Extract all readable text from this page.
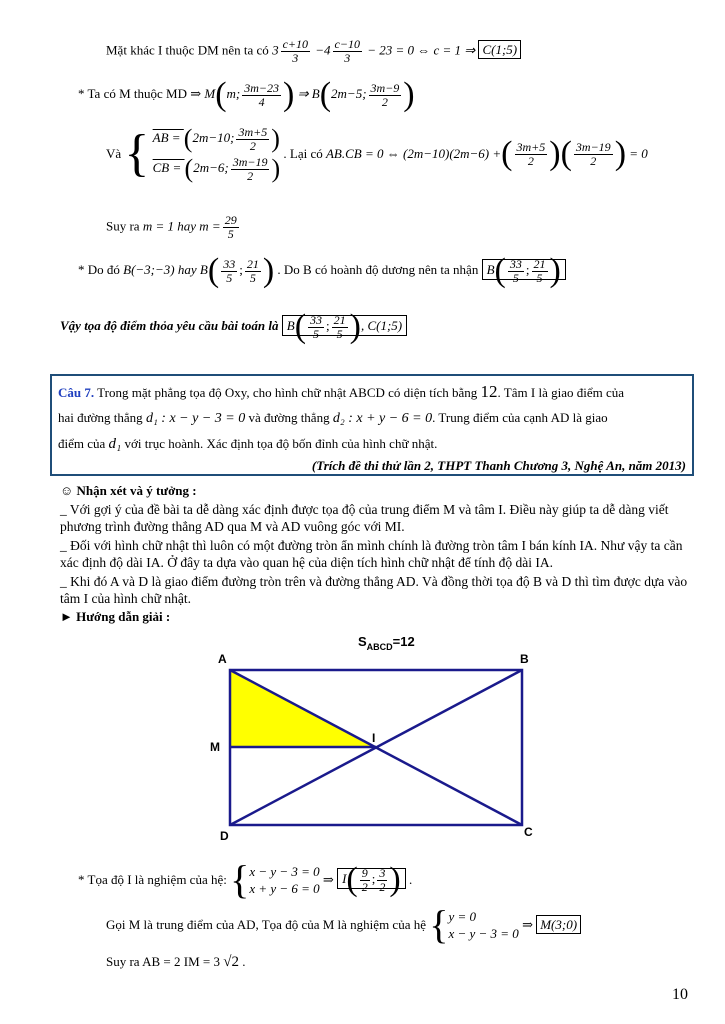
Mặt khác I thuộc DM nên ta có $3 \frac{c+10}{3} -4 \frac{c-10}{3} - 23 = 0$ ⇔ c = 1 ⇒ C(1;5)
* Ta có M thuộc MD ⇒ M(m; $\frac{3m-23}{4}$ ) ⇒ B(2m−5; $\frac{3m-9}{2}$ )
Và { AB = (2m−10; $\frac{3m+5}{2}$ )
CB = (2m−6; $\frac{3m-19}{2}$ )
. Lại có AB.CB = 0 ⇔ (2m−10)(2m−6) +( $\frac{3m+5}{2}$ )( $\frac{3m-19}{2}$ ) = 0
Suy ra m = 1 hay $m = \frac{29}{5}$
* Do đó B(−3;−3) hay $B( \frac{33}{5}$ ; $\frac{21}{5}$ ) . Do B có hoành độ dương nên ta nhận $B( \frac{33}{5}$ ; $\frac{21}{5}$ )
Vậy tọa độ điểm thỏa yêu cầu bài toán là $B( \frac{33}{5}$ ; $\frac{21}{5}$ ), C(1;5)
Câu 7. Trong mặt phẳng tọa độ Oxy, cho hình chữ nhật ABCD có diện tích bằng 12. Tâm I là giao điểm của
hai đường thẳng d₁ : x − y − 3 = 0 và đường thẳng d₂ : x + y − 6 = 0. Trung điểm của cạnh AD là giao
điểm của d₁ với trục hoành. Xác định tọa độ bốn đỉnh của hình chữ nhật.
(Trích đề thi thử lần 2, THPT Thanh Chương 3, Nghệ An, năm 2013)
☺ Nhận xét và ý tưởng :
_ Với gợi ý của đề bài ta dễ dàng xác định được tọa độ của trung điểm M và tâm I. Điều này giúp ta dễ dàng viết phương trình đường thẳng AD qua M và AD vuông góc với MI.
_ Đối với hình chữ nhật thì luôn có một đường tròn ẩn mình chính là đường tròn tâm I bán kính IA. Như vậy ta cần xác định độ dài IA. Ở đây ta dựa vào quan hệ của diện tích hình chữ nhật để tính độ dài IA.
_ Khi đó A và D là giao điểm đường tròn trên và đường thẳng AD. Và đồng thời tọa độ B và D thì tìm được dựa vào tâm I của hình chữ nhật.
► Hướng dẫn giải :
$S_{ABCD}=12$
A	B
C
D
M
I
* Tọa độ I là nghiệm của hệ: { x − y − 3 = 0
x + y − 6 = 0
⇒ $I( \frac{9}{2}$ ; $\frac{3}{2}$ ) .
Gọi M là trung điểm của AD, Tọa độ của M là nghiệm của hệ { y = 0
x − y − 3 = 0
⇒ M(3;0)
Suy ra AB = 2 IM = 3 √2 .
10
